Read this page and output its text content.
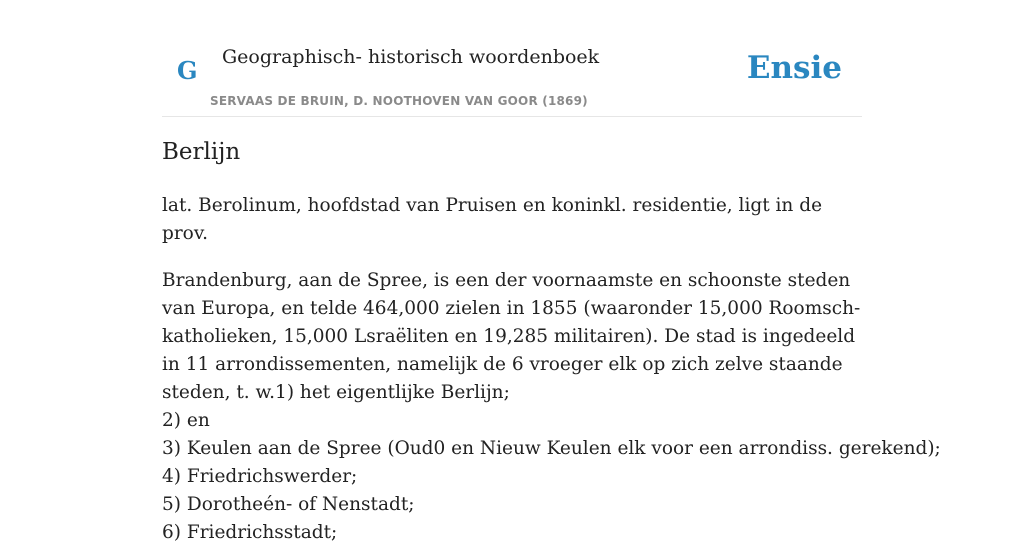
G Geographisch- historisch woordenboek
SERVAAS DE BRUIN, D. NOOTHOVEN VAN GOOR (1869)
Ensie
Berlijn

lat. Berolinum, hoofdstad van Pruisen en koninkl. residentie, ligt in de prov.

Brandenburg, aan de Spree, is een der voornaamste en schoonste steden van Europa, en telde 464,000 zielen in 1855 (waaronder 15,000 Roomsch-katholieken, 15,000 Lsraëliten en 19,285 militairen). De stad is ingedeeld in 11 arrondissementen, namelijk de 6 vroeger elk op zich zelve staande steden, t. w.1) het eigentlijke Berlijn;
2) en
3) Keulen aan de Spree (Oud0 en Nieuw Keulen elk voor een arrondiss. gerekend);
4) Friedrichswerder;
5) Dorotheén- of Nenstadt;
6) Friedrichsstadt;
